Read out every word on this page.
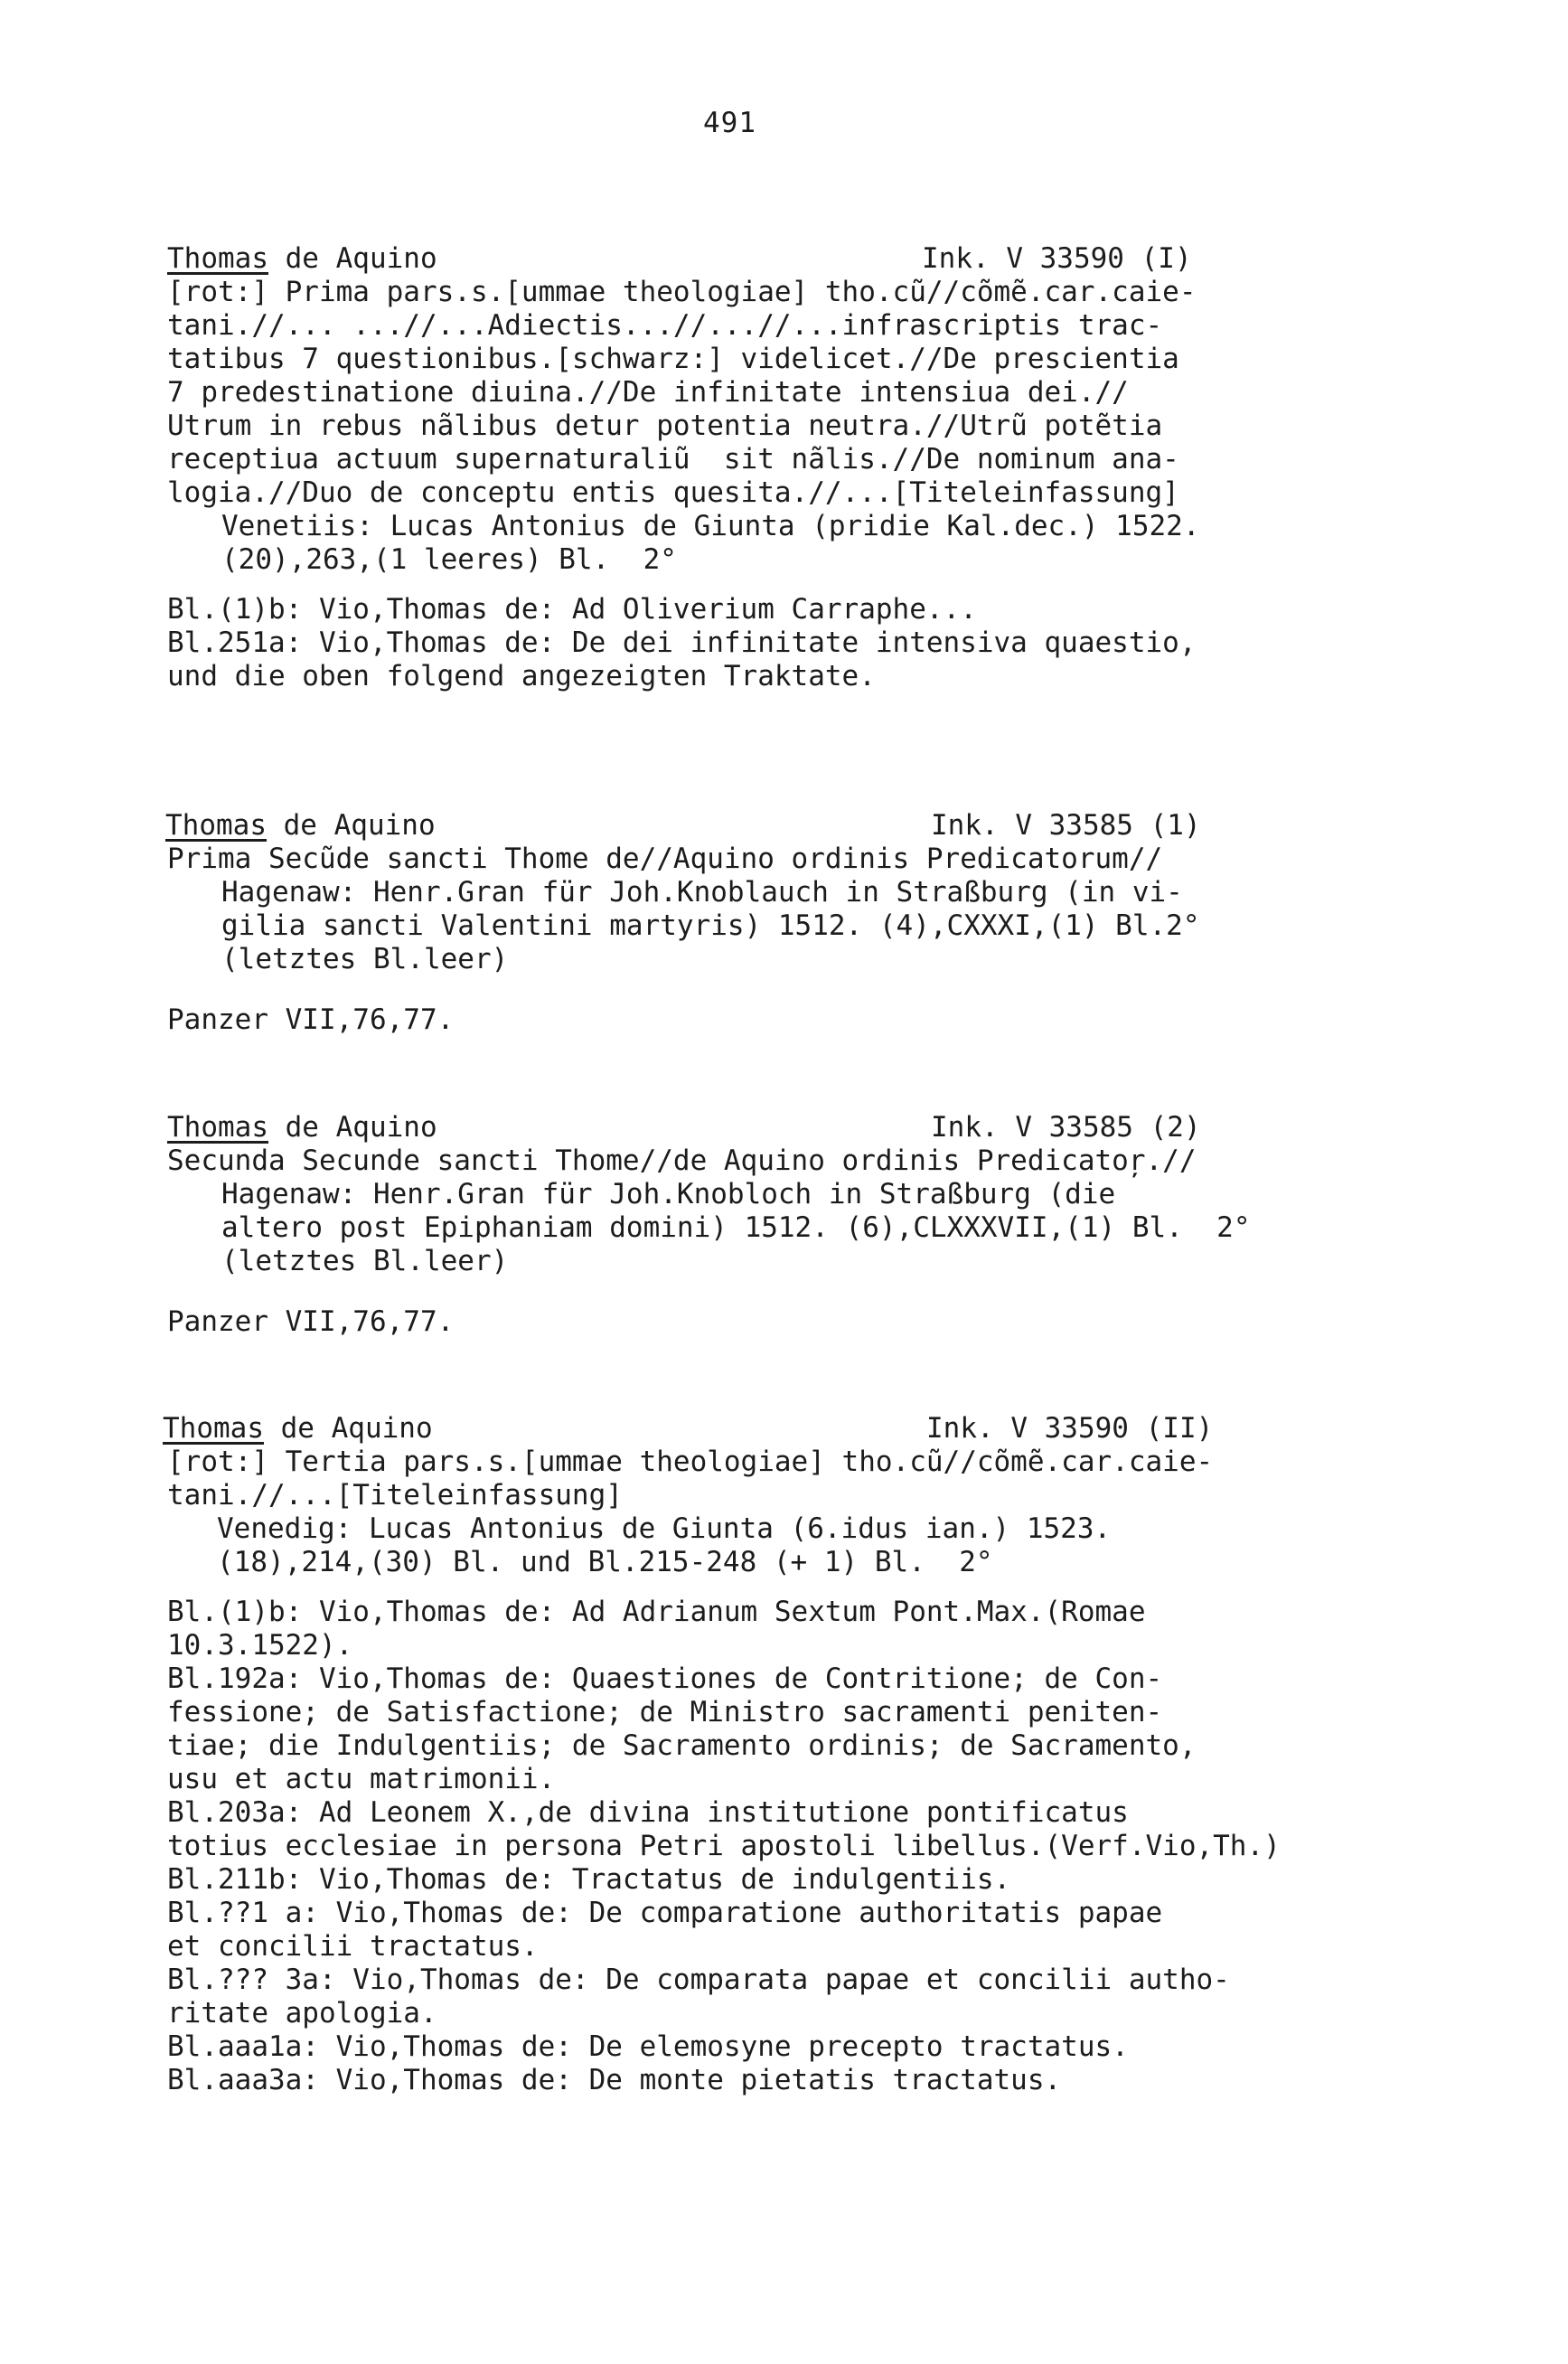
491
Thomas de Aquino	Ink. V 33590 (I)
[rot:] Prima pars.s.[ummae theologiae] tho.cũ//cõmẽ.car.caie-
tani.//... ...//...Adiectis...//...//...infrascriptis trac-
tatibus 7 questionibus.[schwarz:] videlicet.//De prescientia
7 predestinatione diuina.//De infinitate intensiua dei.//
Utrum in rebus nãlibus detur potentia neutra.//Utrũ potẽtia
receptiua actuum supernaturaliũ  sit nãlis.//De nominum ana-
logia.//Duo de conceptu entis quesita.//...[Titeleinfassung]
Venetiis: Lucas Antonius de Giunta (pridie Kal.dec.) 1522.
(20),263,(1 leeres) Bl.  2°
Bl.(1)b: Vio,Thomas de: Ad Oliverium Carraphe...
Bl.251a: Vio,Thomas de: De dei infinitate intensiva quaestio,
und die oben folgend angezeigten Traktate.
Thomas de Aquino	Ink. V 33585 (1)
Prima Secũde sancti Thome de//Aquino ordinis Predicatorum//
Hagenaw: Henr.Gran für Joh.Knoblauch in Straßburg (in vi-
gilia sancti Valentini martyris) 1512. (4),CXXXI,(1) Bl.2°
(letztes Bl.leer)
Panzer VII,76,77.
Thomas de Aquino	Ink. V 33585 (2)
Secunda Secunde sancti Thome//de Aquino ordinis Predicatoŗ.//
Hagenaw: Henr.Gran für Joh.Knobloch in Straßburg (die
altero post Epiphaniam domini) 1512. (6),CLXXXVII,(1) Bl.  2°
(letztes Bl.leer)
Panzer VII,76,77.
Thomas de Aquino	Ink. V 33590 (II)
[rot:] Tertia pars.s.[ummae theologiae] tho.cũ//cõmẽ.car.caie-
tani.//...[Titeleinfassung]
Venedig: Lucas Antonius de Giunta (6.idus ian.) 1523.
(18),214,(30) Bl. und Bl.215-248 (+ 1) Bl.  2°
Bl.(1)b: Vio,Thomas de: Ad Adrianum Sextum Pont.Max.(Romae
10.3.1522).
Bl.192a: Vio,Thomas de: Quaestiones de Contritione; de Con-
fessione; de Satisfactione; de Ministro sacramenti peniten-
tiae; die Indulgentiis; de Sacramento ordinis; de Sacramento,
usu et actu matrimonii.
Bl.203a: Ad Leonem X.,de divina institutione pontificatus
totius ecclesiae in persona Petri apostoli libellus.(Verf.Vio,Th.)
Bl.211b: Vio,Thomas de: Tractatus de indulgentiis.
Bl.??1 a: Vio,Thomas de: De comparatione authoritatis papae
et concilii tractatus.
Bl.??? 3a: Vio,Thomas de: De comparata papae et concilii autho-
ritate apologia.
Bl.aaa1a: Vio,Thomas de: De elemosyne precepto tractatus.
Bl.aaa3a: Vio,Thomas de: De monte pietatis tractatus.
